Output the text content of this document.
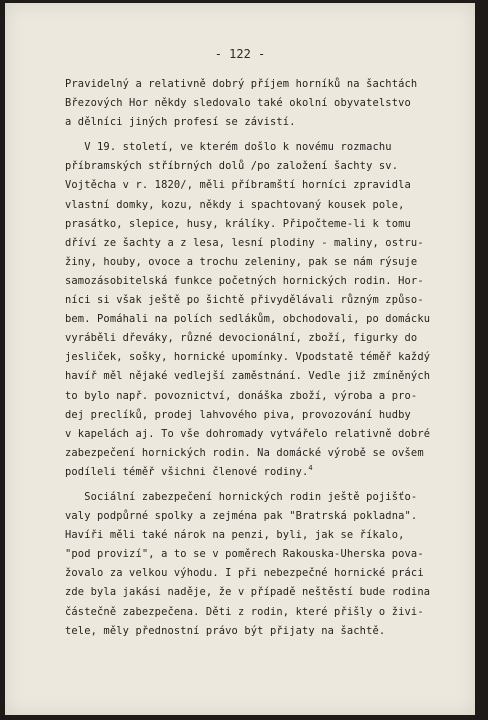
- 122 -
Pravidelný a relativně dobrý příjem horníků na šachtách
Březových Hor někdy sledovalo také okolní obyvatelstvo
a dělníci jiných profesí se závistí.
V 19. století, ve kterém došlo k novému rozmachu
příbramských stříbrných dolů /po založení šachty sv.
Vojtěcha v r. 1820/, měli příbramští horníci zpravidla
vlastní domky, kozu, někdy i spachtovaný kousek pole,
prasátko, slepice, husy, králíky. Připočteme-li k tomu
dříví ze šachty a z lesa, lesní plodiny - maliny, ostru-
žiny, houby, ovoce a trochu zeleniny, pak se nám rýsuje
samozásobitelská funkce početných hornických rodin. Hor-
níci si však ještě po šichtě přivydělávali různým způso-
bem. Pomáhali na polích sedlákům, obchodovali, po domácku
vyráběli dřeváky, různé devocionální, zboží, figurky do
jesliček, sošky, hornické upomínky. Vpodstatě téměř každý
havíř měl nějaké vedlejší zaměstnání. Vedle již zmíněných
to bylo např. povoznictví, donáška zboží, výroba a pro-
dej preclíků, prodej lahvového piva, provozování hudby
v kapelách aj. To vše dohromady vytvářelo relativně dobré
zabezpečení hornických rodin. Na domácké výrobě se ovšem
podíleli téměř všichni členové rodiny.$^4$
Sociální zabezpečení hornických rodin ještě pojišťo-
valy podpůrné spolky a zejména pak "Bratrská pokladna".
Havíři měli také nárok na penzi, byli, jak se říkalo,
"pod provizí", a to se v poměrech Rakouska-Uherska pova-
žovalo za velkou výhodu. I při nebezpečné hornické práci
zde byla jakási naděje, že v případě neštěstí bude rodina
částečně zabezpečena. Děti z rodin, které přišly o živi-
tele, měly přednostní právo být přijaty na šachtě.
